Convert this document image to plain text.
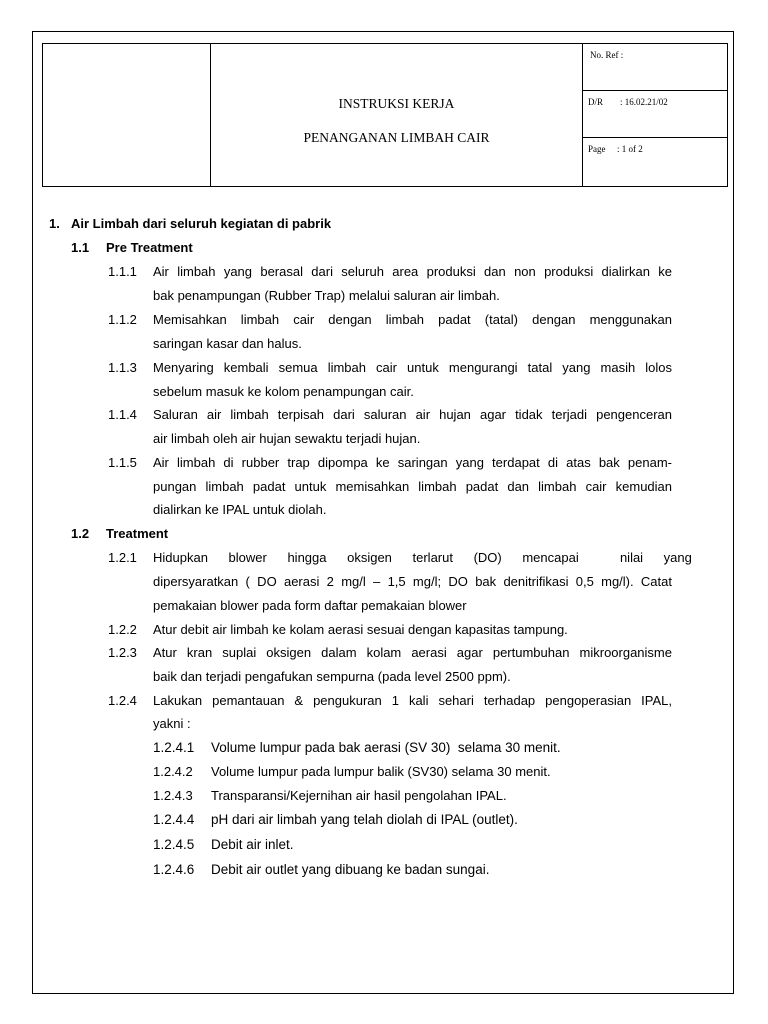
INSTRUKSI KERJA
PENANGANAN LIMBAH CAIR
No. Ref :
D/R : 16.02.21/02
Page : 1 of 2
1. Air Limbah dari seluruh kegiatan di pabrik
1.1 Pre Treatment
1.1.1 Air limbah yang berasal dari seluruh area produksi dan non produksi dialirkan ke
bak penampungan (Rubber Trap) melalui saluran air limbah.
1.1.2 Memisahkan limbah cair dengan limbah padat (tatal) dengan menggunakan
saringan kasar dan halus.
1.1.3 Menyaring kembali semua limbah cair untuk mengurangi tatal yang masih lolos
sebelum masuk ke kolom penampungan cair.
1.1.4 Saluran air limbah terpisah dari saluran air hujan agar tidak terjadi pengenceran
air limbah oleh air hujan sewaktu terjadi hujan.
1.1.5 Air limbah di rubber trap dipompa ke saringan yang terdapat di atas bak penam-
pungan limbah padat untuk memisahkan limbah padat dan limbah cair kemudian
dialirkan ke IPAL untuk diolah.
1.2 Treatment
1.2.1 Hidupkan blower hingga oksigen terlarut (DO) mencapai  nilai yang
dipersyaratkan ( DO aerasi 2 mg/l – 1,5 mg/l; DO bak denitrifikasi 0,5 mg/l). Catat
pemakaian blower pada form daftar pemakaian blower
1.2.2 Atur debit air limbah ke kolam aerasi sesuai dengan kapasitas tampung.
1.2.3 Atur kran suplai oksigen dalam kolam aerasi agar pertumbuhan mikroorganisme
baik dan terjadi pengafukan sempurna (pada level 2500 ppm).
1.2.4 Lakukan pemantauan & pengukuran 1 kali sehari terhadap pengoperasian IPAL,
yakni :
1.2.4.1 Volume lumpur pada bak aerasi (SV 30)  selama 30 menit.
1.2.4.2 Volume lumpur pada lumpur balik (SV30) selama 30 menit.
1.2.4.3 Transparansi/Kejernihan air hasil pengolahan IPAL.
1.2.4.4 pH dari air limbah yang telah diolah di IPAL (outlet).
1.2.4.5 Debit air inlet.
1.2.4.6 Debit air outlet yang dibuang ke badan sungai.
